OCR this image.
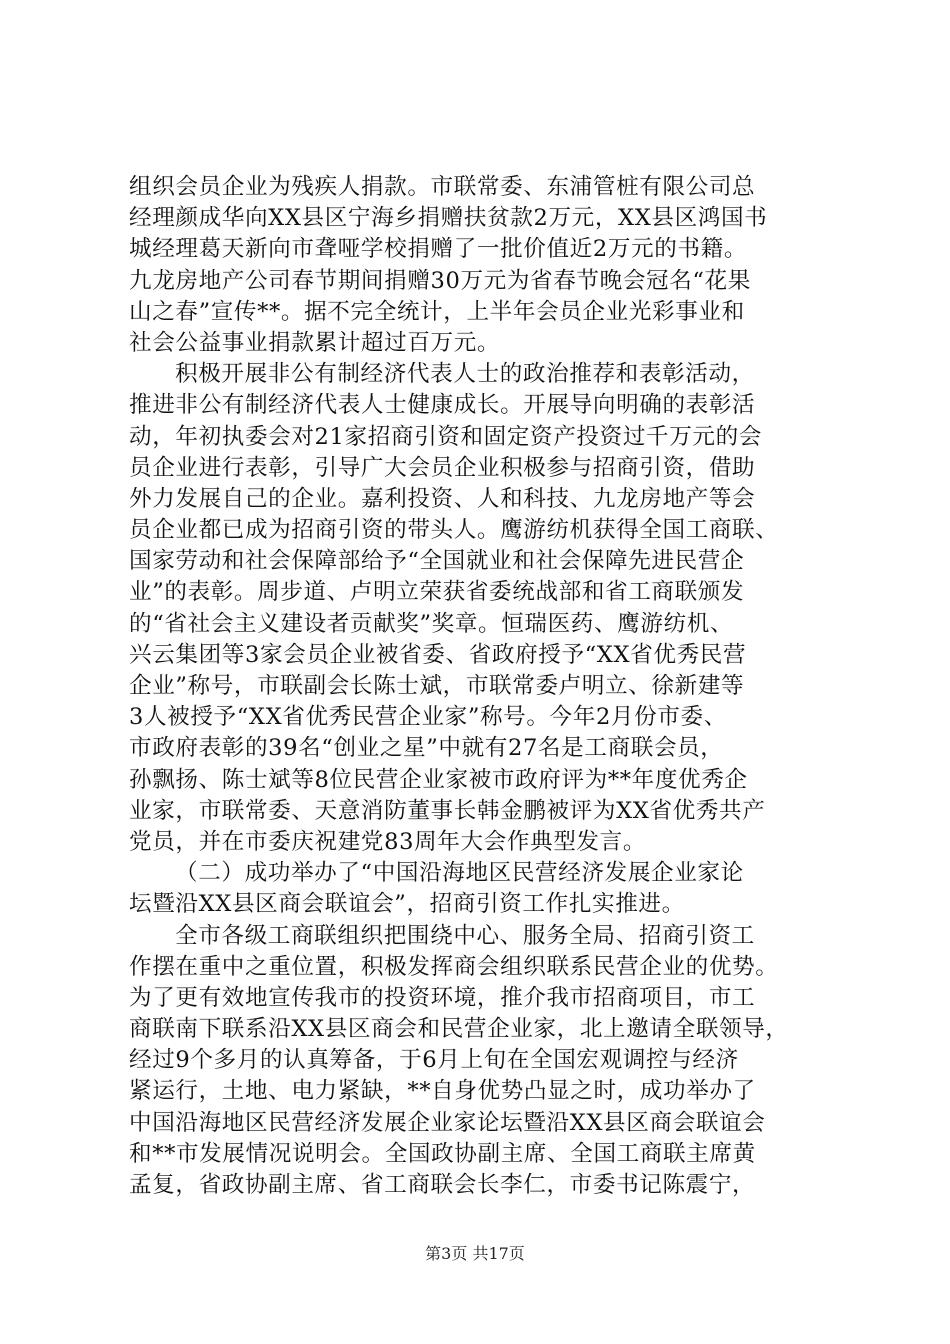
组织会员企业为残疾人捐款。市联常委、东浦管桩有限公司总
经理颜成华向XX县区宁海乡捐赠扶贫款2万元，XX县区鸿国书
城经理葛天新向市聋哑学校捐赠了一批价值近2万元的书籍。
九龙房地产公司春节期间捐赠30万元为省春节晚会冠名“花果
山之春”宣传**。据不完全统计，上半年会员企业光彩事业和
社会公益事业捐款累计超过百万元。
积极开展非公有制经济代表人士的政治推荐和表彰活动，
推进非公有制经济代表人士健康成长。开展导向明确的表彰活
动，年初执委会对21家招商引资和固定资产投资过千万元的会
员企业进行表彰，引导广大会员企业积极参与招商引资，借助
外力发展自己的企业。嘉利投资、人和科技、九龙房地产等会
员企业都已成为招商引资的带头人。鹰游纺机获得全国工商联、
国家劳动和社会保障部给予“全国就业和社会保障先进民营企
业”的表彰。周步道、卢明立荣获省委统战部和省工商联颁发
的“省社会主义建设者贡献奖”奖章。恒瑞医药、鹰游纺机、
兴云集团等3家会员企业被省委、省政府授予“XX省优秀民营
企业”称号，市联副会长陈士斌，市联常委卢明立、徐新建等
3人被授予“XX省优秀民营企业家”称号。今年2月份市委、
市政府表彰的39名“创业之星”中就有27名是工商联会员，
孙飘扬、陈士斌等8位民营企业家被市政府评为**年度优秀企
业家，市联常委、天意消防董事长韩金鹏被评为XX省优秀共产
党员，并在市委庆祝建党83周年大会作典型发言。
（二）成功举办了“中国沿海地区民营经济发展企业家论
坛暨沿XX县区商会联谊会”，招商引资工作扎实推进。
全市各级工商联组织把围绕中心、服务全局、招商引资工
作摆在重中之重位置，积极发挥商会组织联系民营企业的优势。
为了更有效地宣传我市的投资环境，推介我市招商项目，市工
商联南下联系沿XX县区商会和民营企业家，北上邀请全联领导，
经过9个多月的认真筹备，于6月上旬在全国宏观调控与经济
紧运行，土地、电力紧缺，**自身优势凸显之时，成功举办了
中国沿海地区民营经济发展企业家论坛暨沿XX县区商会联谊会
和**市发展情况说明会。全国政协副主席、全国工商联主席黄
孟复，省政协副主席、省工商联会长李仁，市委书记陈震宁，
第3页 共17页
